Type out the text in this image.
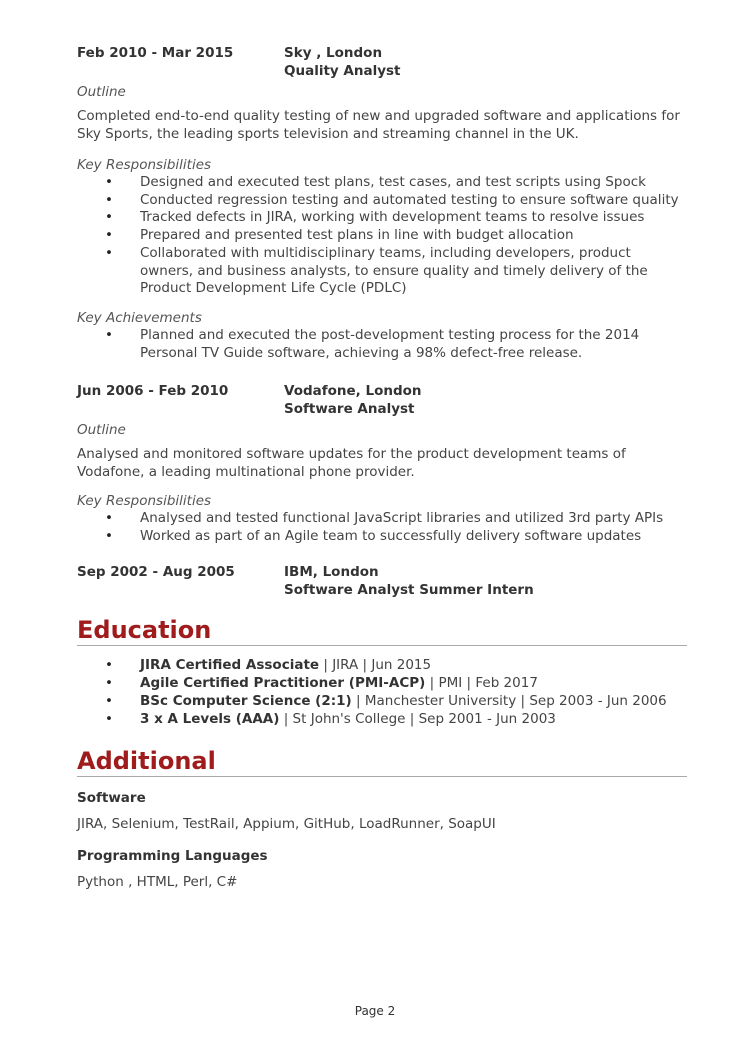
Feb 2010 - Mar 2015	Sky , London
Quality Analyst
Outline
Completed end-to-end quality testing of new and upgraded software and applications for Sky Sports, the leading sports television and streaming channel in the UK.
Key Responsibilities
• Designed and executed test plans, test cases, and test scripts using Spock
• Conducted regression testing and automated testing to ensure software quality
• Tracked defects in JIRA, working with development teams to resolve issues
• Prepared and presented test plans in line with budget allocation
• Collaborated with multidisciplinary teams, including developers, product owners, and business analysts, to ensure quality and timely delivery of the Product Development Life Cycle (PDLC)
Key Achievements
• Planned and executed the post-development testing process for the 2014 Personal TV Guide software, achieving a 98% defect-free release.
Jun 2006 - Feb 2010	Vodafone, London
Software Analyst
Outline
Analysed and monitored software updates for the product development teams of Vodafone, a leading multinational phone provider.
Key Responsibilities
• Analysed and tested functional JavaScript libraries and utilized 3rd party APIs
• Worked as part of an Agile team to successfully delivery software updates
Sep 2002 - Aug 2005	IBM, London
Software Analyst Summer Intern
Education
• JIRA Certified Associate | JIRA | Jun 2015
• Agile Certified Practitioner (PMI-ACP) | PMI | Feb 2017
• BSc Computer Science (2:1) | Manchester University | Sep 2003 - Jun 2006
• 3 x A Levels (AAA) | St John's College | Sep 2001 - Jun 2003
Additional
Software
JIRA, Selenium, TestRail, Appium, GitHub, LoadRunner, SoapUI
Programming Languages
Python , HTML, Perl, C#
Page 2
